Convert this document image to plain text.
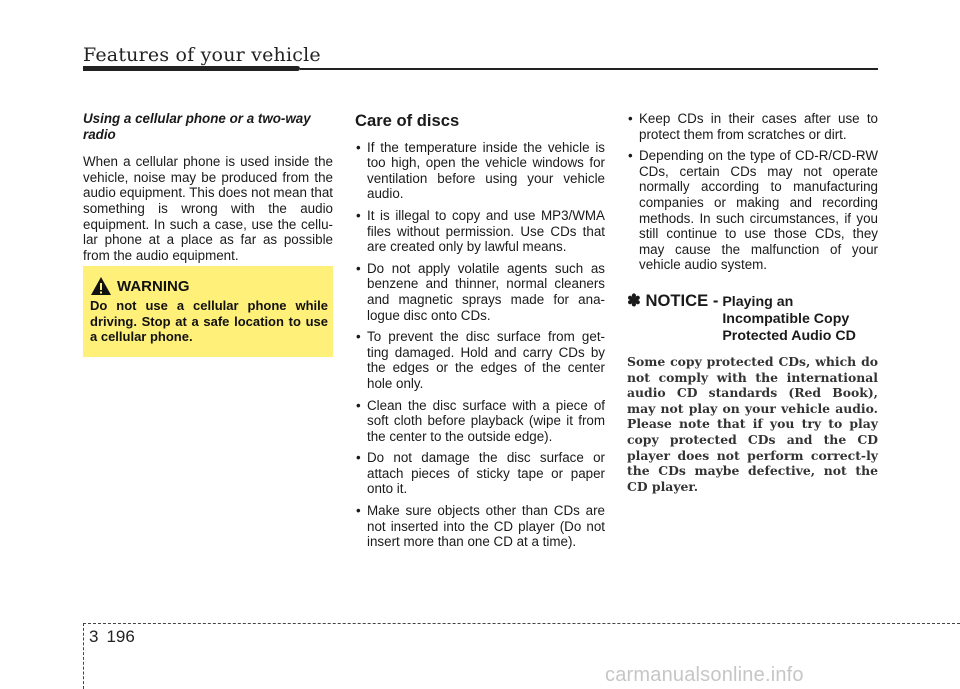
Features of your vehicle

Using a cellular phone or a two-way radio

When a cellular phone is used inside the vehicle, noise may be produced from the audio equipment. This does not mean that something is wrong with the audio equipment. In such a case, use the cellu-lar phone at a place as far as possible from the audio equipment.

WARNING
Do not use a cellular phone while driving. Stop at a safe location to use a cellular phone.
Care of discs
• If the temperature inside the vehicle is too high, open the vehicle windows for ventilation before using your vehicle audio.
• It is illegal to copy and use MP3/WMA files without permission. Use CDs that are created only by lawful means.
• Do not apply volatile agents such as benzene and thinner, normal cleaners and magnetic sprays made for ana-logue disc onto CDs.
• To prevent the disc surface from get-ting damaged. Hold and carry CDs by the edges or the edges of the center hole only.
• Clean the disc surface with a piece of soft cloth before playback (wipe it from the center to the outside edge).
• Do not damage the disc surface or attach pieces of sticky tape or paper onto it.
• Make sure objects other than CDs are not inserted into the CD player (Do not insert more than one CD at a time).
• Keep CDs in their cases after use to protect them from scratches or dirt.
• Depending on the type of CD-R/CD-RW CDs, certain CDs may not operate normally according to manufacturing companies or making and recording methods. In such circumstances, if you still continue to use those CDs, they may cause the malfunction of your vehicle audio system.
✽ NOTICE - Playing an
Incompatible Copy
Protected Audio CD

Some copy protected CDs, which do not comply with the international audio CD standards (Red Book), may not play on your vehicle audio. Please note that if you try to play copy protected CDs and the CD player does not perform correct-ly the CDs maybe defective, not the CD player.

3 196
carmanualsonline.info
